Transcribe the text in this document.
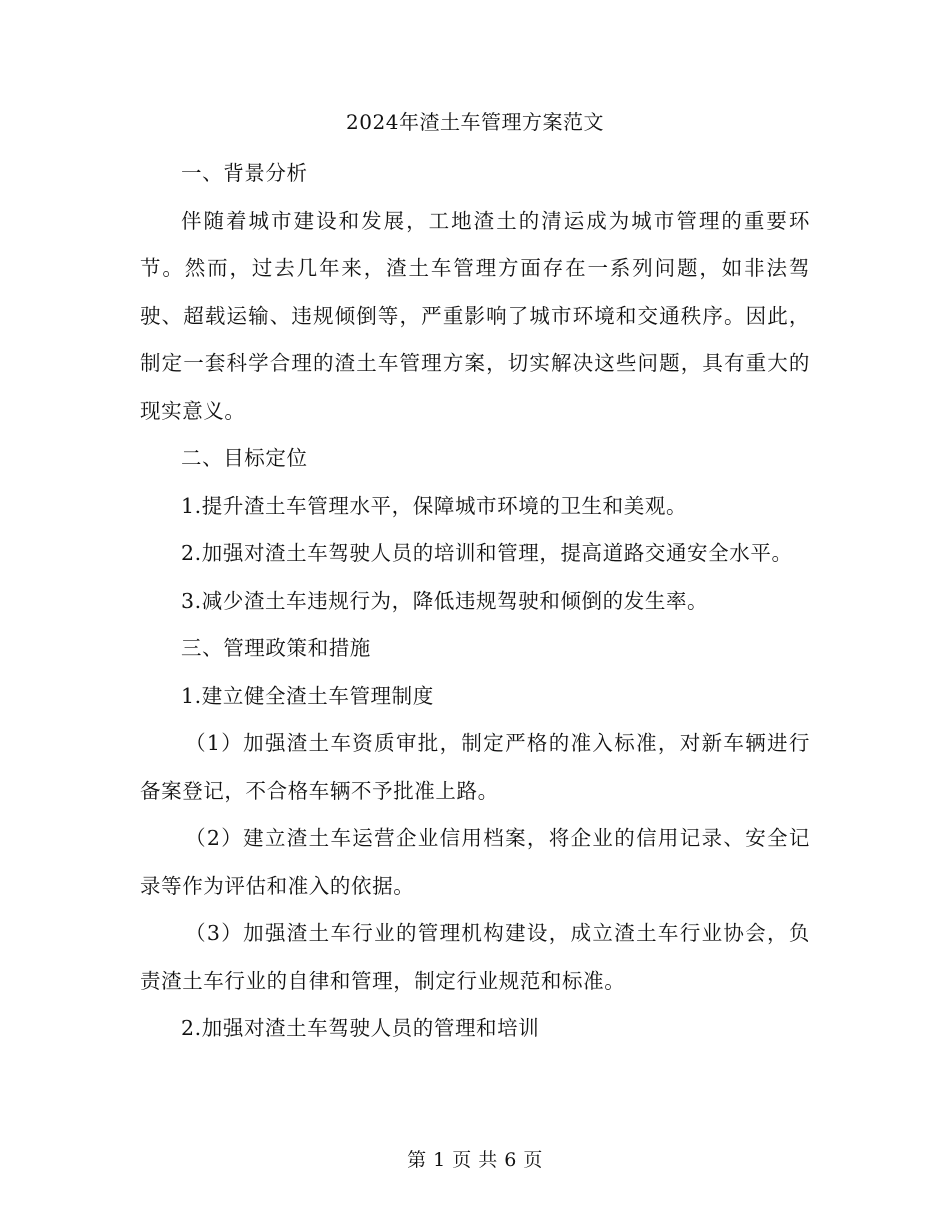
2024年渣土车管理方案范文

一、背景分析

伴随着城市建设和发展，工地渣土的清运成为城市管理的重要环节。然而，过去几年来，渣土车管理方面存在一系列问题，如非法驾驶、超载运输、违规倾倒等，严重影响了城市环境和交通秩序。因此，制定一套科学合理的渣土车管理方案，切实解决这些问题，具有重大的现实意义。

二、目标定位

1.提升渣土车管理水平，保障城市环境的卫生和美观。

2.加强对渣土车驾驶人员的培训和管理，提高道路交通安全水平。

3.减少渣土车违规行为，降低违规驾驶和倾倒的发生率。

三、管理政策和措施

1.建立健全渣土车管理制度

（1）加强渣土车资质审批，制定严格的准入标准，对新车辆进行备案登记，不合格车辆不予批准上路。

（2）建立渣土车运营企业信用档案，将企业的信用记录、安全记录等作为评估和准入的依据。

（3）加强渣土车行业的管理机构建设，成立渣土车行业协会，负责渣土车行业的自律和管理，制定行业规范和标准。

2.加强对渣土车驾驶人员的管理和培训

第 1 页 共 6 页
